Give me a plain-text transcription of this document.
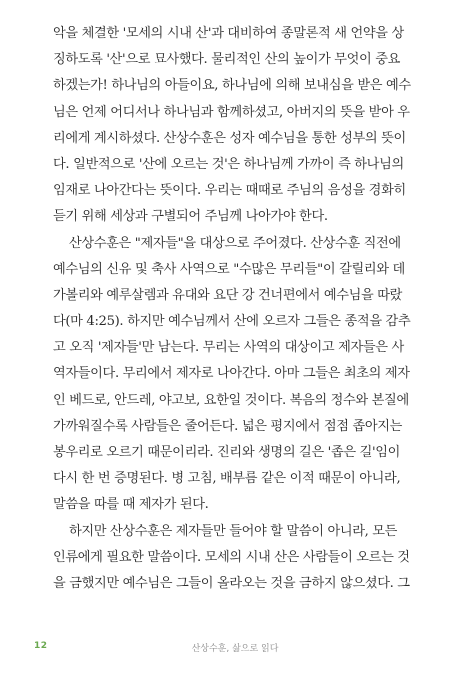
악을 체결한 '모세의 시내 산'과 대비하여 종말론적 새 언약을 상
징하도록 '산'으로 묘사했다. 물리적인 산의 높이가 무엇이 중요
하겠는가! 하나님의 아들이요, 하나님에 의해 보내심을 받은 예수
님은 언제 어디서나 하나님과 함께하셨고, 아버지의 뜻을 받아 우
리에게 계시하셨다. 산상수훈은 성자 예수님을 통한 성부의 뜻이
다. 일반적으로 '산에 오르는 것'은 하나님께 가까이 즉 하나님의
임재로 나아간다는 뜻이다. 우리는 때때로 주님의 음성을 경화히
듣기 위해 세상과 구별되어 주님께 나아가야 한다.
산상수훈은 "제자들"을 대상으로 주어졌다. 산상수훈 직전에
예수님의 신유 및 축사 사역으로 "수많은 무리들"이 갈릴리와 데
가볼리와 예루살렘과 유대와 요단 강 건너편에서 예수님을 따랐
다(마 4:25). 하지만 예수님께서 산에 오르자 그들은 종적을 감추
고 오직 '제자들'만 남는다. 무리는 사역의 대상이고 제자들은 사
역자들이다. 무리에서 제자로 나아간다. 아마 그들은 최초의 제자
인 베드로, 안드레, 야고보, 요한일 것이다. 복음의 정수와 본질에
가까워질수록 사람들은 줄어든다. 넓은 평지에서 점점 좁아지는
봉우리로 오르기 때문이리라. 진리와 생명의 길은 '좁은 길'임이
다시 한 번 증명된다. 병 고침, 배부름 같은 이적 때문이 아니라,
말씀을 따를 때 제자가 된다.
하지만 산상수훈은 제자들만 들어야 할 말씀이 아니라, 모든
인류에게 필요한 말씀이다. 모세의 시내 산은 사람들이 오르는 것
을 금했지만 예수님은 그들이 올라오는 것을 금하지 않으셨다. 그
산상수훈, 삶으로 읽다
12
